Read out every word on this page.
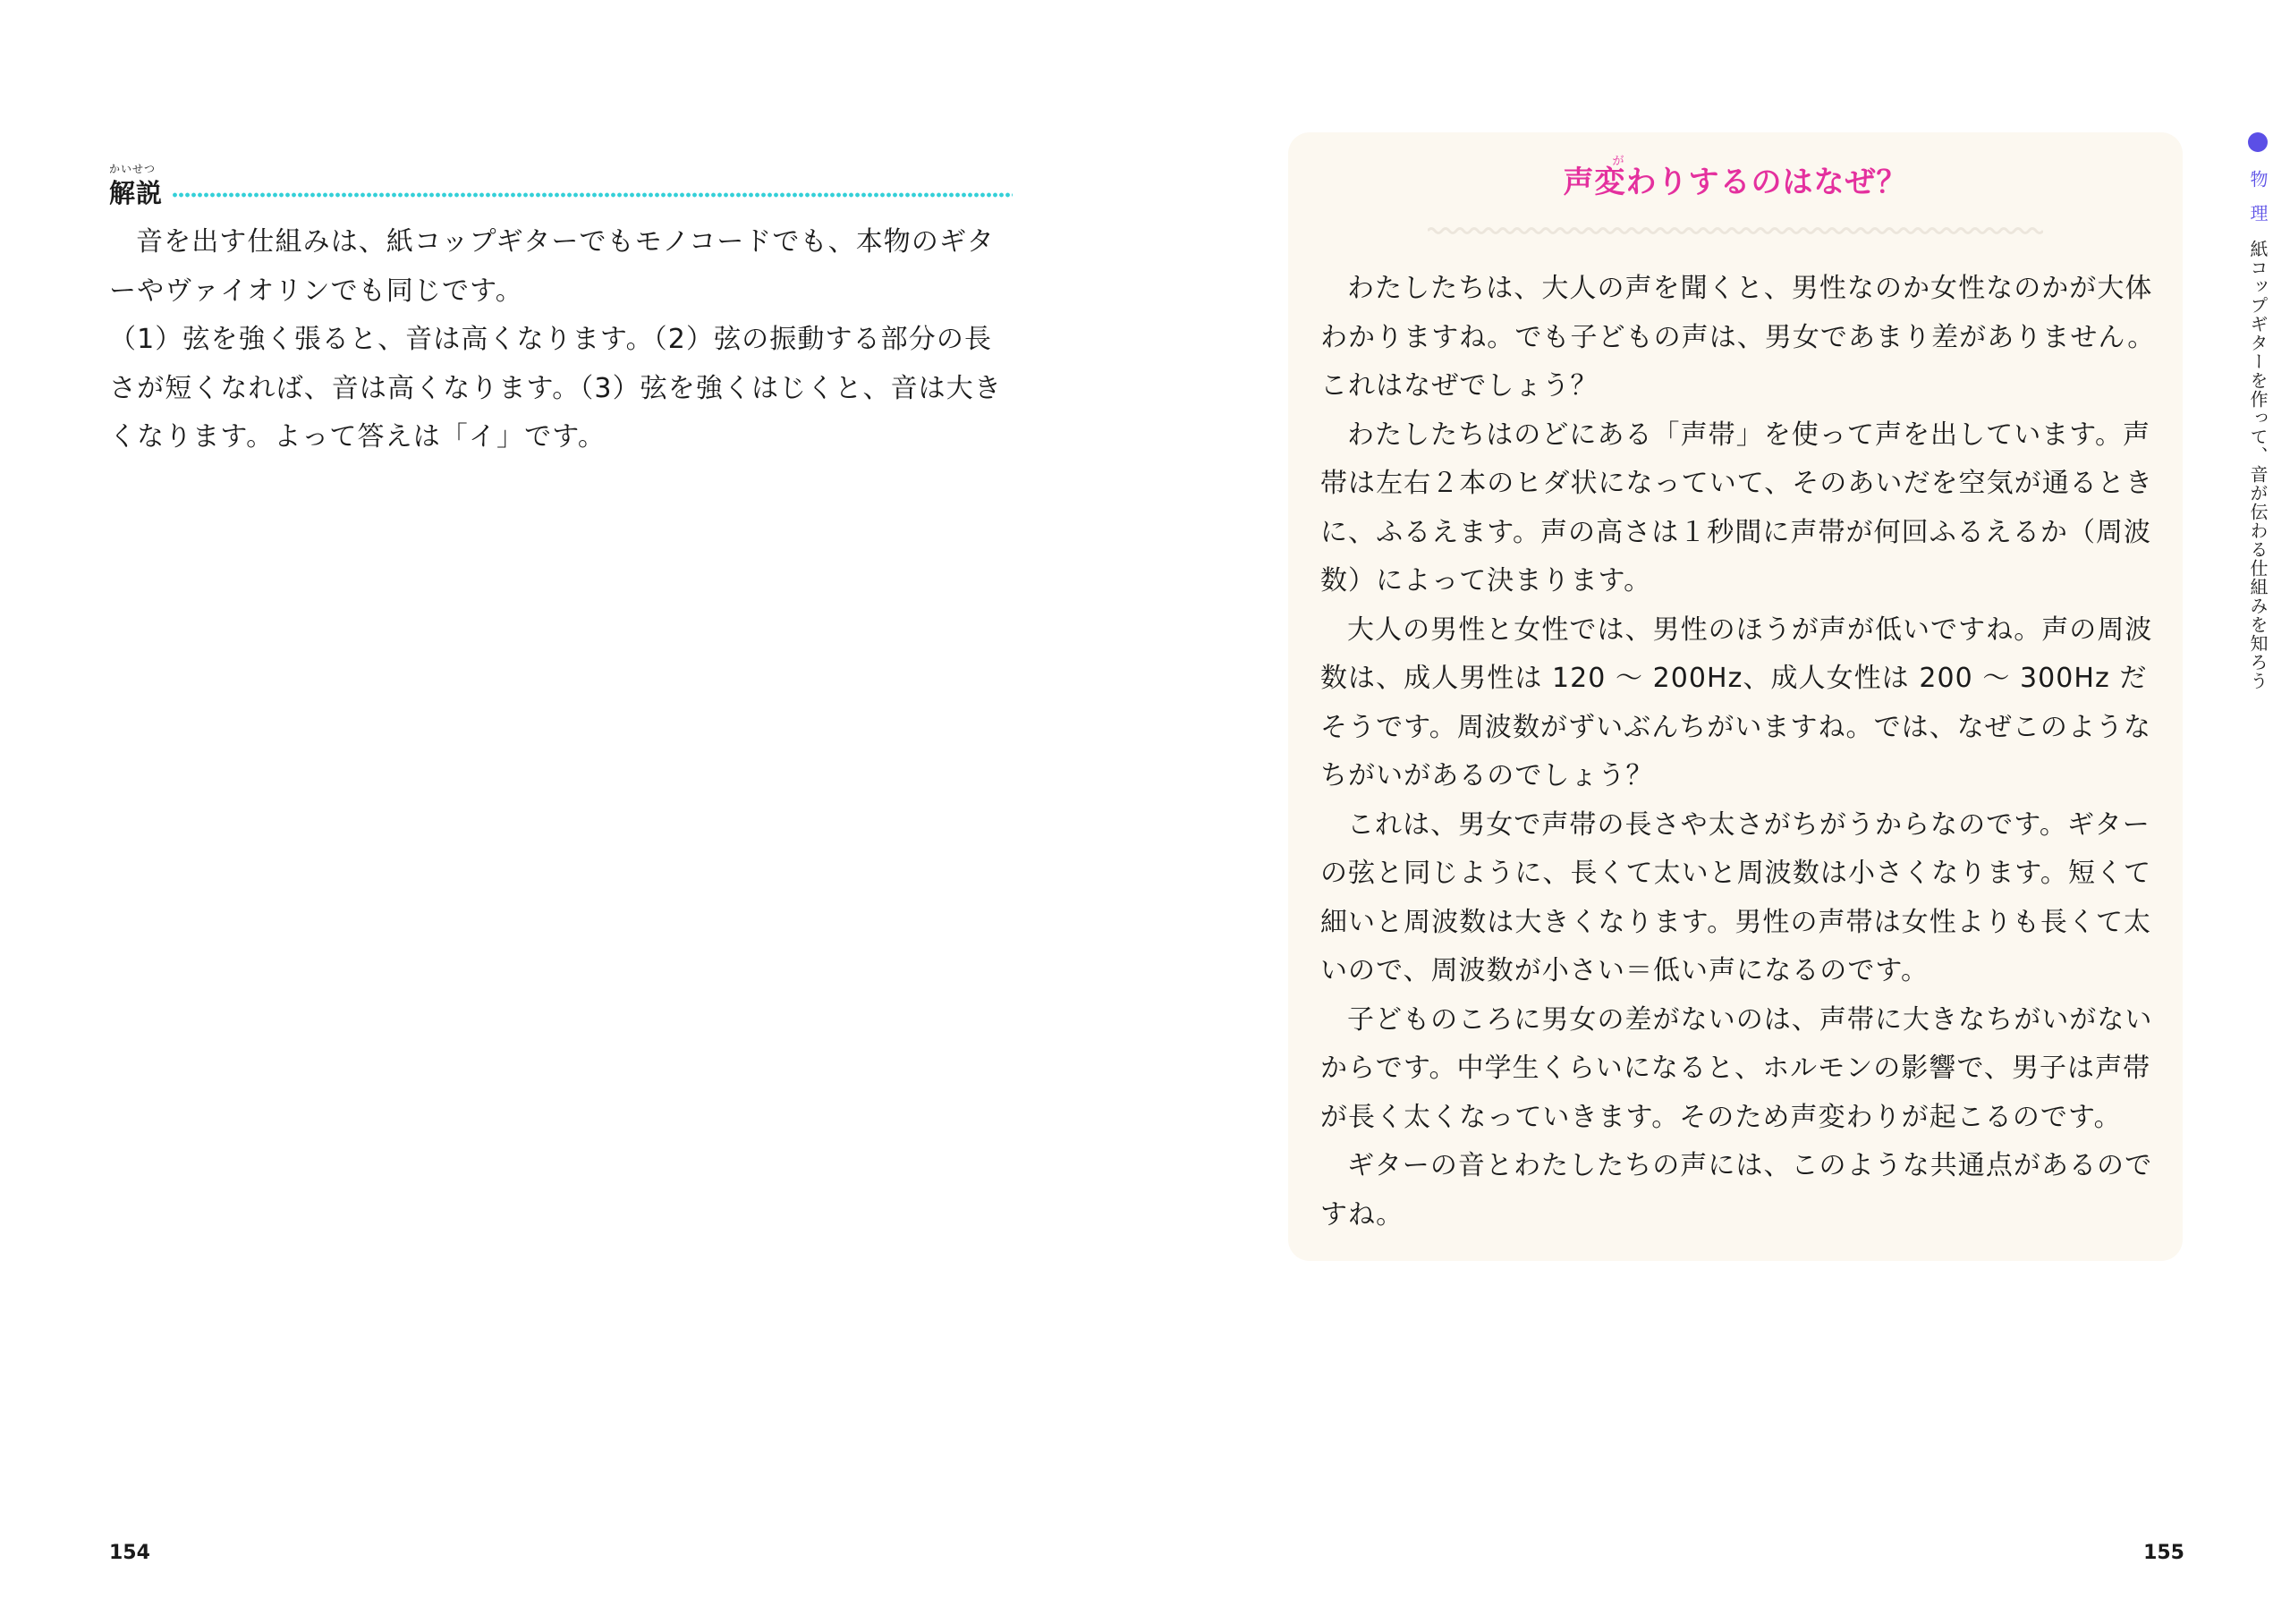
かいせつ
解説

音を出す仕組みは、紙コップギターでもモノコードでも、本物のギターやヴァイオリンでも同じです。

（1）弦を強く張ると、音は高くなります。（2）弦の振動する部分の長さが短くなれば、音は高くなります。（3）弦を強くはじくと、音は大きくなります。よって答えは「イ」です。

154
が
声変わりするのはなぜ？

わたしたちは、大人の声を聞くと、男性なのか女性なのかが大体わかりますね。でも子どもの声は、男女であまり差がありません。これはなぜでしょう？

わたしたちはのどにある「声帯」を使って声を出しています。声帯は左右２本のヒダ状になっていて、そのあいだを空気が通るときに、ふるえます。声の高さは１秒間に声帯が何回ふるえるか（周波数）によって決まります。

大人の男性と女性では、男性のほうが声が低いですね。声の周波数は、成人男性は 120 〜 200Hz、成人女性は 200 〜 300Hz だそうです。周波数がずいぶんちがいますね。では、なぜこのようなちがいがあるのでしょう？

これは、男女で声帯の長さや太さがちがうからなのです。ギターの弦と同じように、長くて太いと周波数は小さくなります。短くて細いと周波数は大きくなります。男性の声帯は女性よりも長くて太いので、周波数が小さい＝低い声になるのです。

子どものころに男女の差がないのは、声帯に大きなちがいがないからです。中学生くらいになると、ホルモンの影響で、男子は声帯が長く太くなっていきます。そのため声変わりが起こるのです。

ギターの音とわたしたちの声には、このような共通点があるのですね。

物理
紙コップギターを作って、音が伝わる仕組みを知ろう
155
